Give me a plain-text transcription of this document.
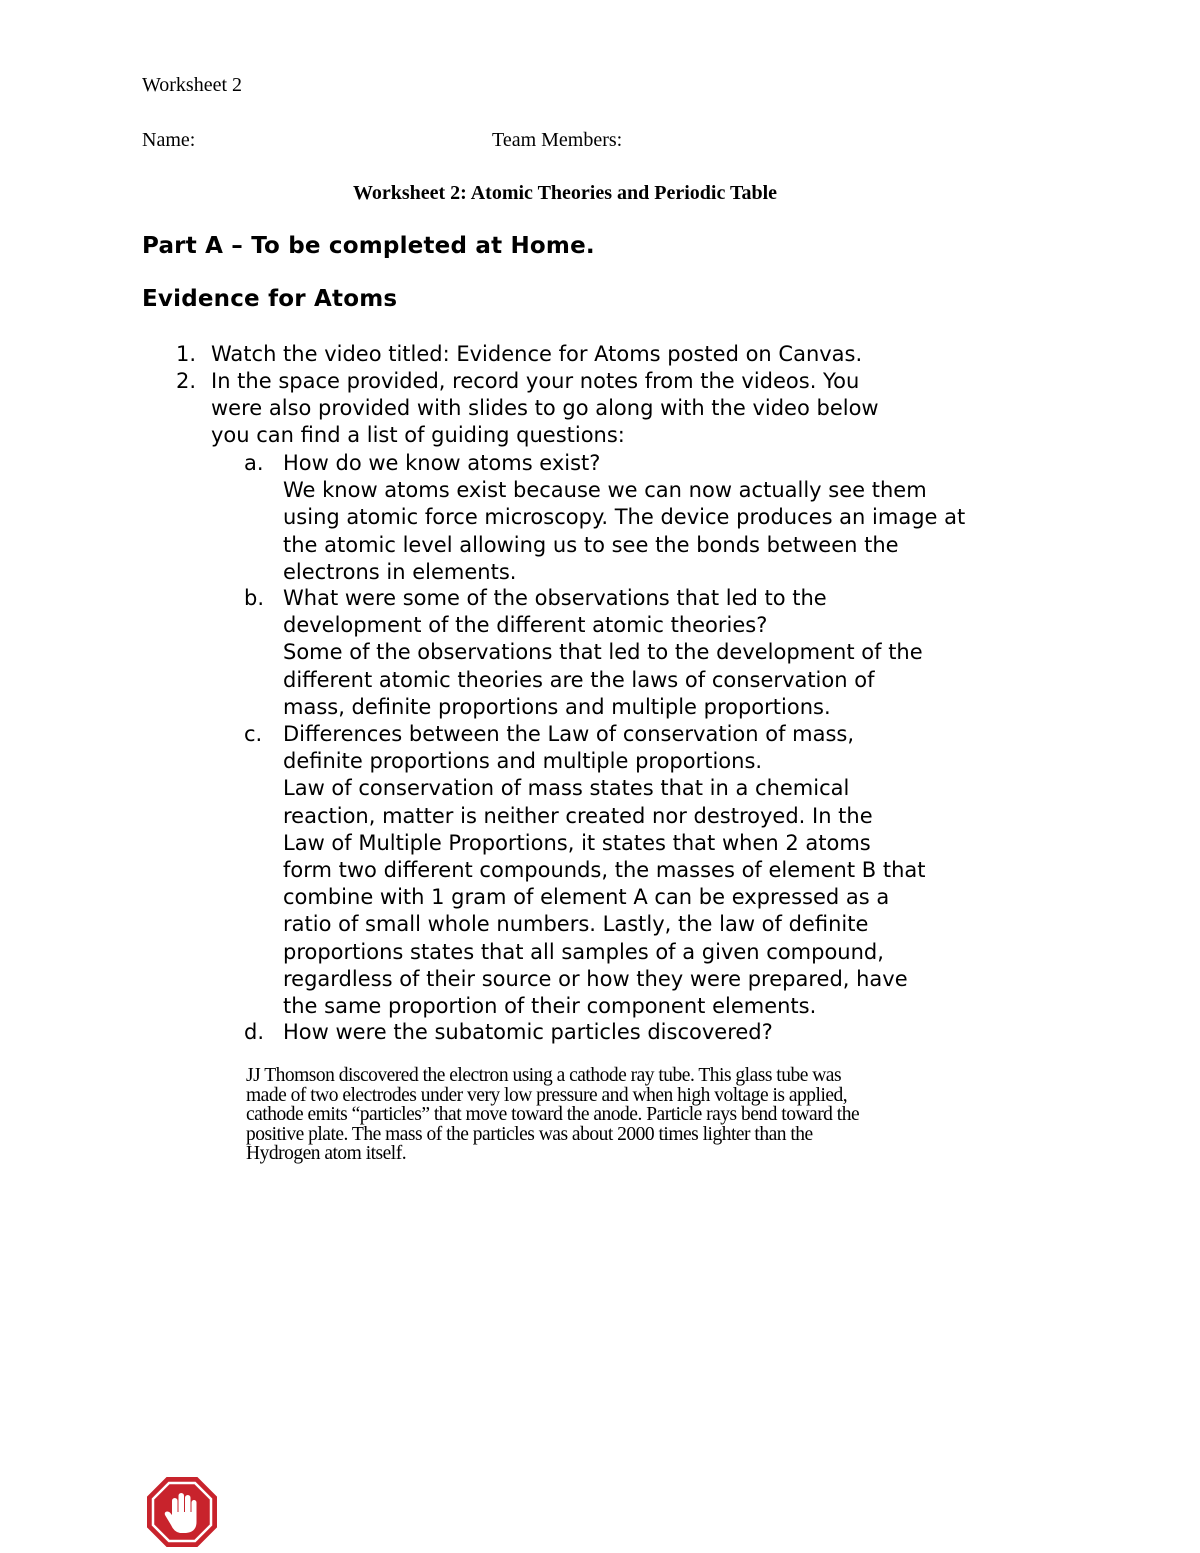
Worksheet 2
Name:	Team Members:
Worksheet 2: Atomic Theories and Periodic Table
Part A – To be completed at Home.
Evidence for Atoms
1. Watch the video titled: Evidence for Atoms posted on Canvas.
2. In the space provided, record your notes from the videos. You
were also provided with slides to go along with the video below
you can find a list of guiding questions:
a. How do we know atoms exist?
We know atoms exist because we can now actually see them
using atomic force microscopy. The device produces an image at
the atomic level allowing us to see the bonds between the
electrons in elements.
b. What were some of the observations that led to the
development of the different atomic theories?
Some of the observations that led to the development of the
different atomic theories are the laws of conservation of
mass, definite proportions and multiple proportions.
c. Differences between the Law of conservation of mass,
definite proportions and multiple proportions.
Law of conservation of mass states that in a chemical
reaction, matter is neither created nor destroyed. In the
Law of Multiple Proportions, it states that when 2 atoms
form two different compounds, the masses of element B that
combine with 1 gram of element A can be expressed as a
ratio of small whole numbers. Lastly, the law of definite
proportions states that all samples of a given compound,
regardless of their source or how they were prepared, have
the same proportion of their component elements.
d. How were the subatomic particles discovered?
JJ Thomson discovered the electron using a cathode ray tube. This glass tube was
made of two electrodes under very low pressure and when high voltage is applied,
cathode emits “particles” that move toward the anode. Particle rays bend toward the
positive plate. The mass of the particles was about 2000 times lighter than the
Hydrogen atom itself.
